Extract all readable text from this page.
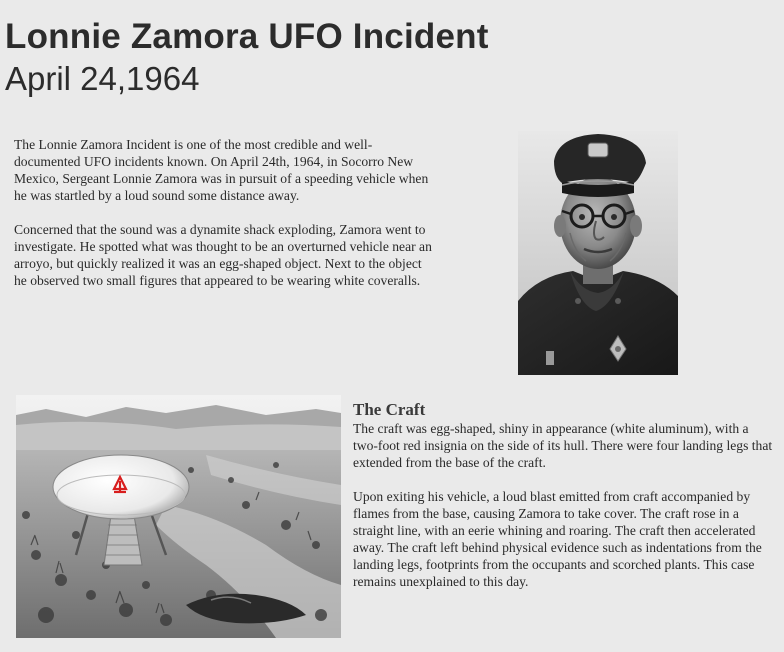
Lonnie Zamora UFO Incident
April 24,1964

The Lonnie Zamora Incident is one of the most credible and well-documented UFO incidents known. On April 24th, 1964, in Socorro New Mexico, Sergeant Lonnie Zamora was in pursuit of a speeding vehicle when he was startled by a loud sound some distance away.

Concerned that the sound was a dynamite shack exploding, Zamora went to investigate. He spotted what was thought to be an overturned vehicle near an arroyo, but quickly realized it was an egg-shaped object. Next to the object he observed two small figures that appeared to be wearing white coveralls.

The Craft

The craft was egg-shaped, shiny in appearance (white aluminum), with a two-foot red insignia on the side of its hull. There were four landing legs that extended from the base of the craft.

Upon exiting his vehicle, a loud blast emitted from craft accompanied by flames from the base, causing Zamora to take cover. The craft rose in a straight line, with an eerie whining and roaring. The craft then accelerated away. The craft left behind physical evidence such as indentations from the landing legs, footprints from the occupants and scorched plants. This case remains unexplained to this day.
